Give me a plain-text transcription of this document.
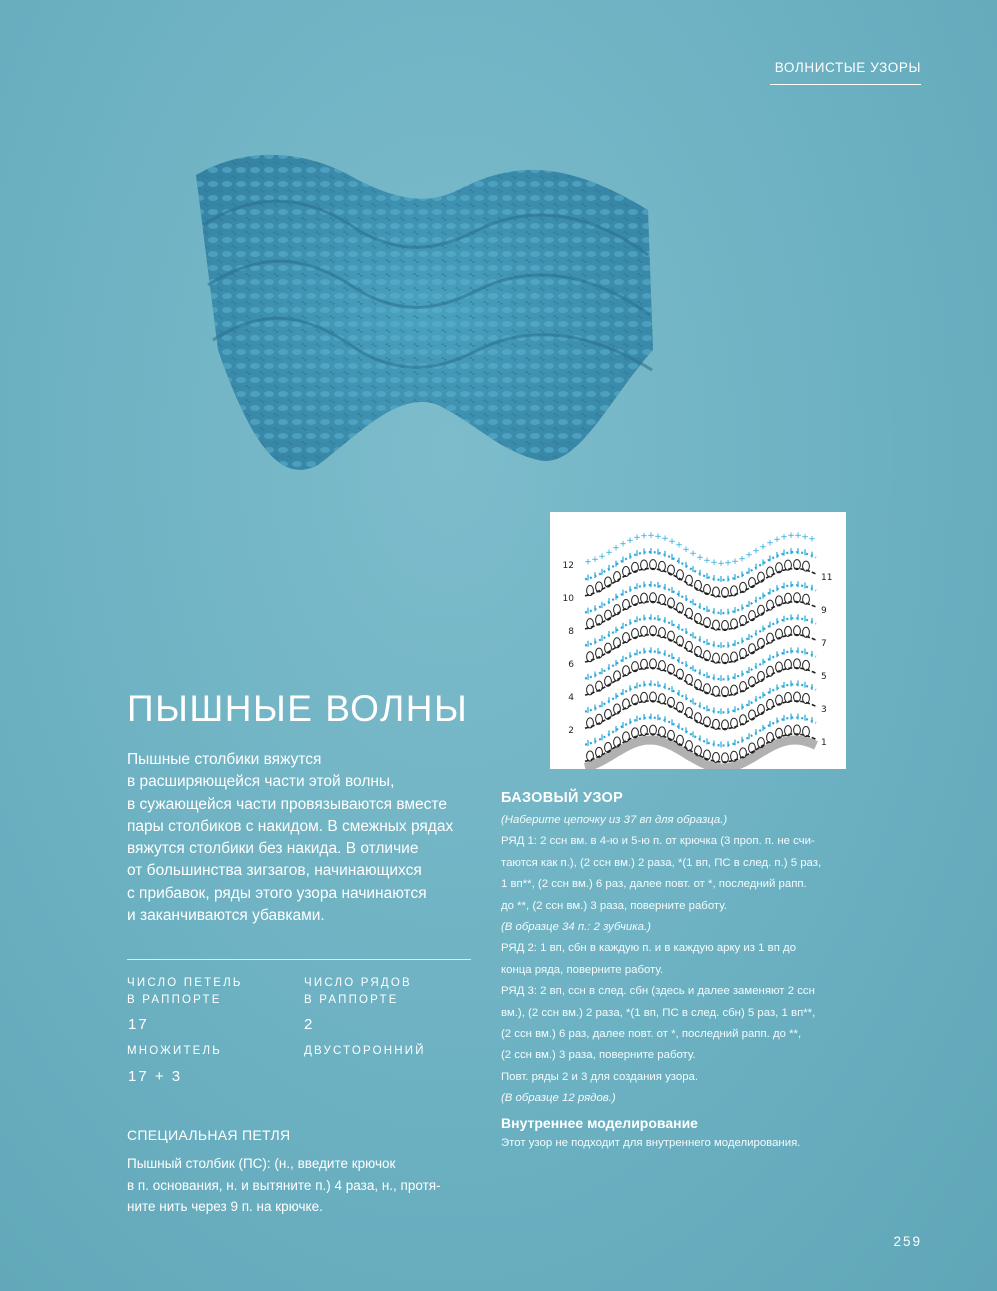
ВОЛНИСТЫЕ УЗОРЫ
+ + + + + + + + + + + + + + + + + + + + + + + + + + + + + + + + +
12
10
8
6
4
2
11
9
7
5
3
1
ПЫШНЫЕ ВОЛНЫ
Пышные столбики вяжутся
в расширяющейся части этой волны,
в сужающейся части провязываются вместе
пары столбиков с накидом. В смежных рядах
вяжутся столбики без накида. В отличие
от большинства зигзагов, начинающихся
с прибавок, ряды этого узора начинаются
и заканчиваются убавками.
ЧИСЛО ПЕТЕЛЬ
В РАППОРТЕ
17
ЧИСЛО РЯДОВ
В РАППОРТЕ
2
МНОЖИТЕЛЬ
17 + 3
ДВУСТОРОННИЙ
СПЕЦИАЛЬНАЯ ПЕТЛЯ
Пышный столбик (ПС): (н., введите крючок
в п. основания, н. и вытяните п.) 4 раза, н., протя-
ните нить через 9 п. на крючке.
БАЗОВЫЙ УЗОР
(Наберите цепочку из 37 вп для образца.)
РЯД 1: 2 ссн вм. в 4-ю и 5-ю п. от крючка (3 проп. п. не счи-
таются как п.), (2 ссн вм.) 2 раза, *(1 вп, ПС в след. п.) 5 раз,
1 вп**, (2 ссн вм.) 6 раз, далее повт. от *, последний рапп.
до **, (2 ссн вм.) 3 раза, поверните работу.
(В образце 34 п.: 2 зубчика.)
РЯД 2: 1 вп, сбн в каждую п. и в каждую арку из 1 вп до
конца ряда, поверните работу.
РЯД 3: 2 вп, ссн в след. сбн (здесь и далее заменяют 2 ссн
вм.), (2 ссн вм.) 2 раза, *(1 вп, ПС в след. сбн) 5 раз, 1 вп**,
(2 ссн вм.) 6 раз, далее повт. от *, последний рапп. до **,
(2 ссн вм.) 3 раза, поверните работу.
Повт. ряды 2 и 3 для создания узора.
(В образце 12 рядов.)
Внутреннее моделирование
Этот узор не подходит для внутреннего моделирования.
259
